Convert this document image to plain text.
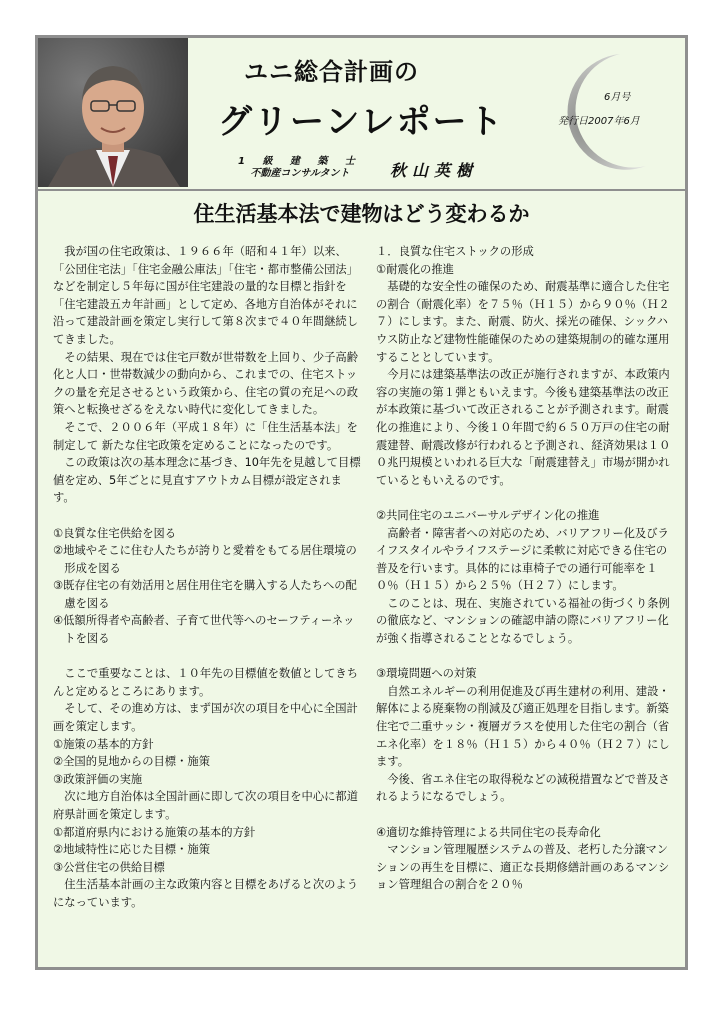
ユニ総合計画の
グリーンレポート
1 級 建 築 士
不動産コンサルタント	秋山英樹
6月号
発行日2007年6月
住生活基本法で建物はどう変わるか

我が国の住宅政策は、１９６６年（昭和４１年）以来、「公団住宅法」「住宅金融公庫法」「住宅・都市整備公団法」などを制定し５年毎に国が住宅建設の量的な目標と指針を「住宅建設五カ年計画」として定め、各地方自治体がそれに沿って建設計画を策定し実行して第８次まで４０年間継続してきました。

その結果、現在では住宅戸数が世帯数を上回り、少子高齢化と人口・世帯数減少の動向から、これまでの、住宅ストックの量を充足させるという政策から、住宅の質の充足への政策へと転換せざるをえない時代に変化してきました。

そこで、２００６年（平成１８年）に「住生活基本法」を制定して 新たな住宅政策を定めることになったのです。

この政策は次の基本理念に基づき、10年先を見越して目標値を定め、5年ごとに見直すアウトカム目標が設定されます。

①良質な住宅供給を図る

②地域やそこに住む人たちが誇りと愛着をもてる居住環境の形成を図る

③既存住宅の有効活用と居住用住宅を購入する人たちへの配慮を図る

④低額所得者や高齢者、子育て世代等へのセーフティーネットを図る

ここで重要なことは、１０年先の目標値を数値としてきちんと定めるところにあります。

そして、その進め方は、まず国が次の項目を中心に全国計画を策定します。

①施策の基本的方針

②全国的見地からの目標・施策

③政策評価の実施

次に地方自治体は全国計画に即して次の項目を中心に都道府県計画を策定します。

①都道府県内における施策の基本的方針

②地域特性に応じた目標・施策

③公営住宅の供給目標

住生活基本計画の主な政策内容と目標をあげると次のようになっています。

１．良質な住宅ストックの形成

①耐震化の推進

基礎的な安全性の確保のため、耐震基準に適合した住宅の割合（耐震化率）を７５％（Ｈ１５）から９０％（Ｈ２７）にします。また、耐震、防火、採光の確保、シックハウス防止など建物性能確保のための建築規制の的確な運用することとしています。

今月には建築基準法の改正が施行されますが、本政策内容の実施の第１弾ともいえます。今後も建築基準法の改正が本政策に基づいて改正されることが予測されます。耐震化の推進により、今後１０年間で約６５０万戸の住宅の耐震建替、耐震改修が行われると予測され、経済効果は１００兆円規模といわれる巨大な「耐震建替え」市場が開かれているともいえるのです。

②共同住宅のユニバーサルデザイン化の推進

高齢者・障害者への対応のため、バリアフリー化及びライフスタイルやライフステージに柔軟に対応できる住宅の普及を行います。具体的には車椅子での通行可能率を１０％（Ｈ１５）から２５％（Ｈ２７）にします。

このことは、現在、実施されている福祉の街づくり条例の徹底など、マンションの確認申請の際にバリアフリー化が強く指導されることとなるでしょう。

③環境問題への対策

自然エネルギーの利用促進及び再生建材の利用、建設・解体による廃棄物の削減及び適正処理を目指します。新築住宅で二重サッシ・複層ガラスを使用した住宅の割合（省エネ化率）を１８％（Ｈ１５）から４０％（Ｈ２７）にします。

今後、省エネ住宅の取得税などの減税措置などで普及されるようになるでしょう。

④適切な維持管理による共同住宅の長寿命化

マンション管理履歴システムの普及、老朽した分譲マンションの再生を目標に、適正な長期修繕計画のあるマンション管理組合の割合を２０％
